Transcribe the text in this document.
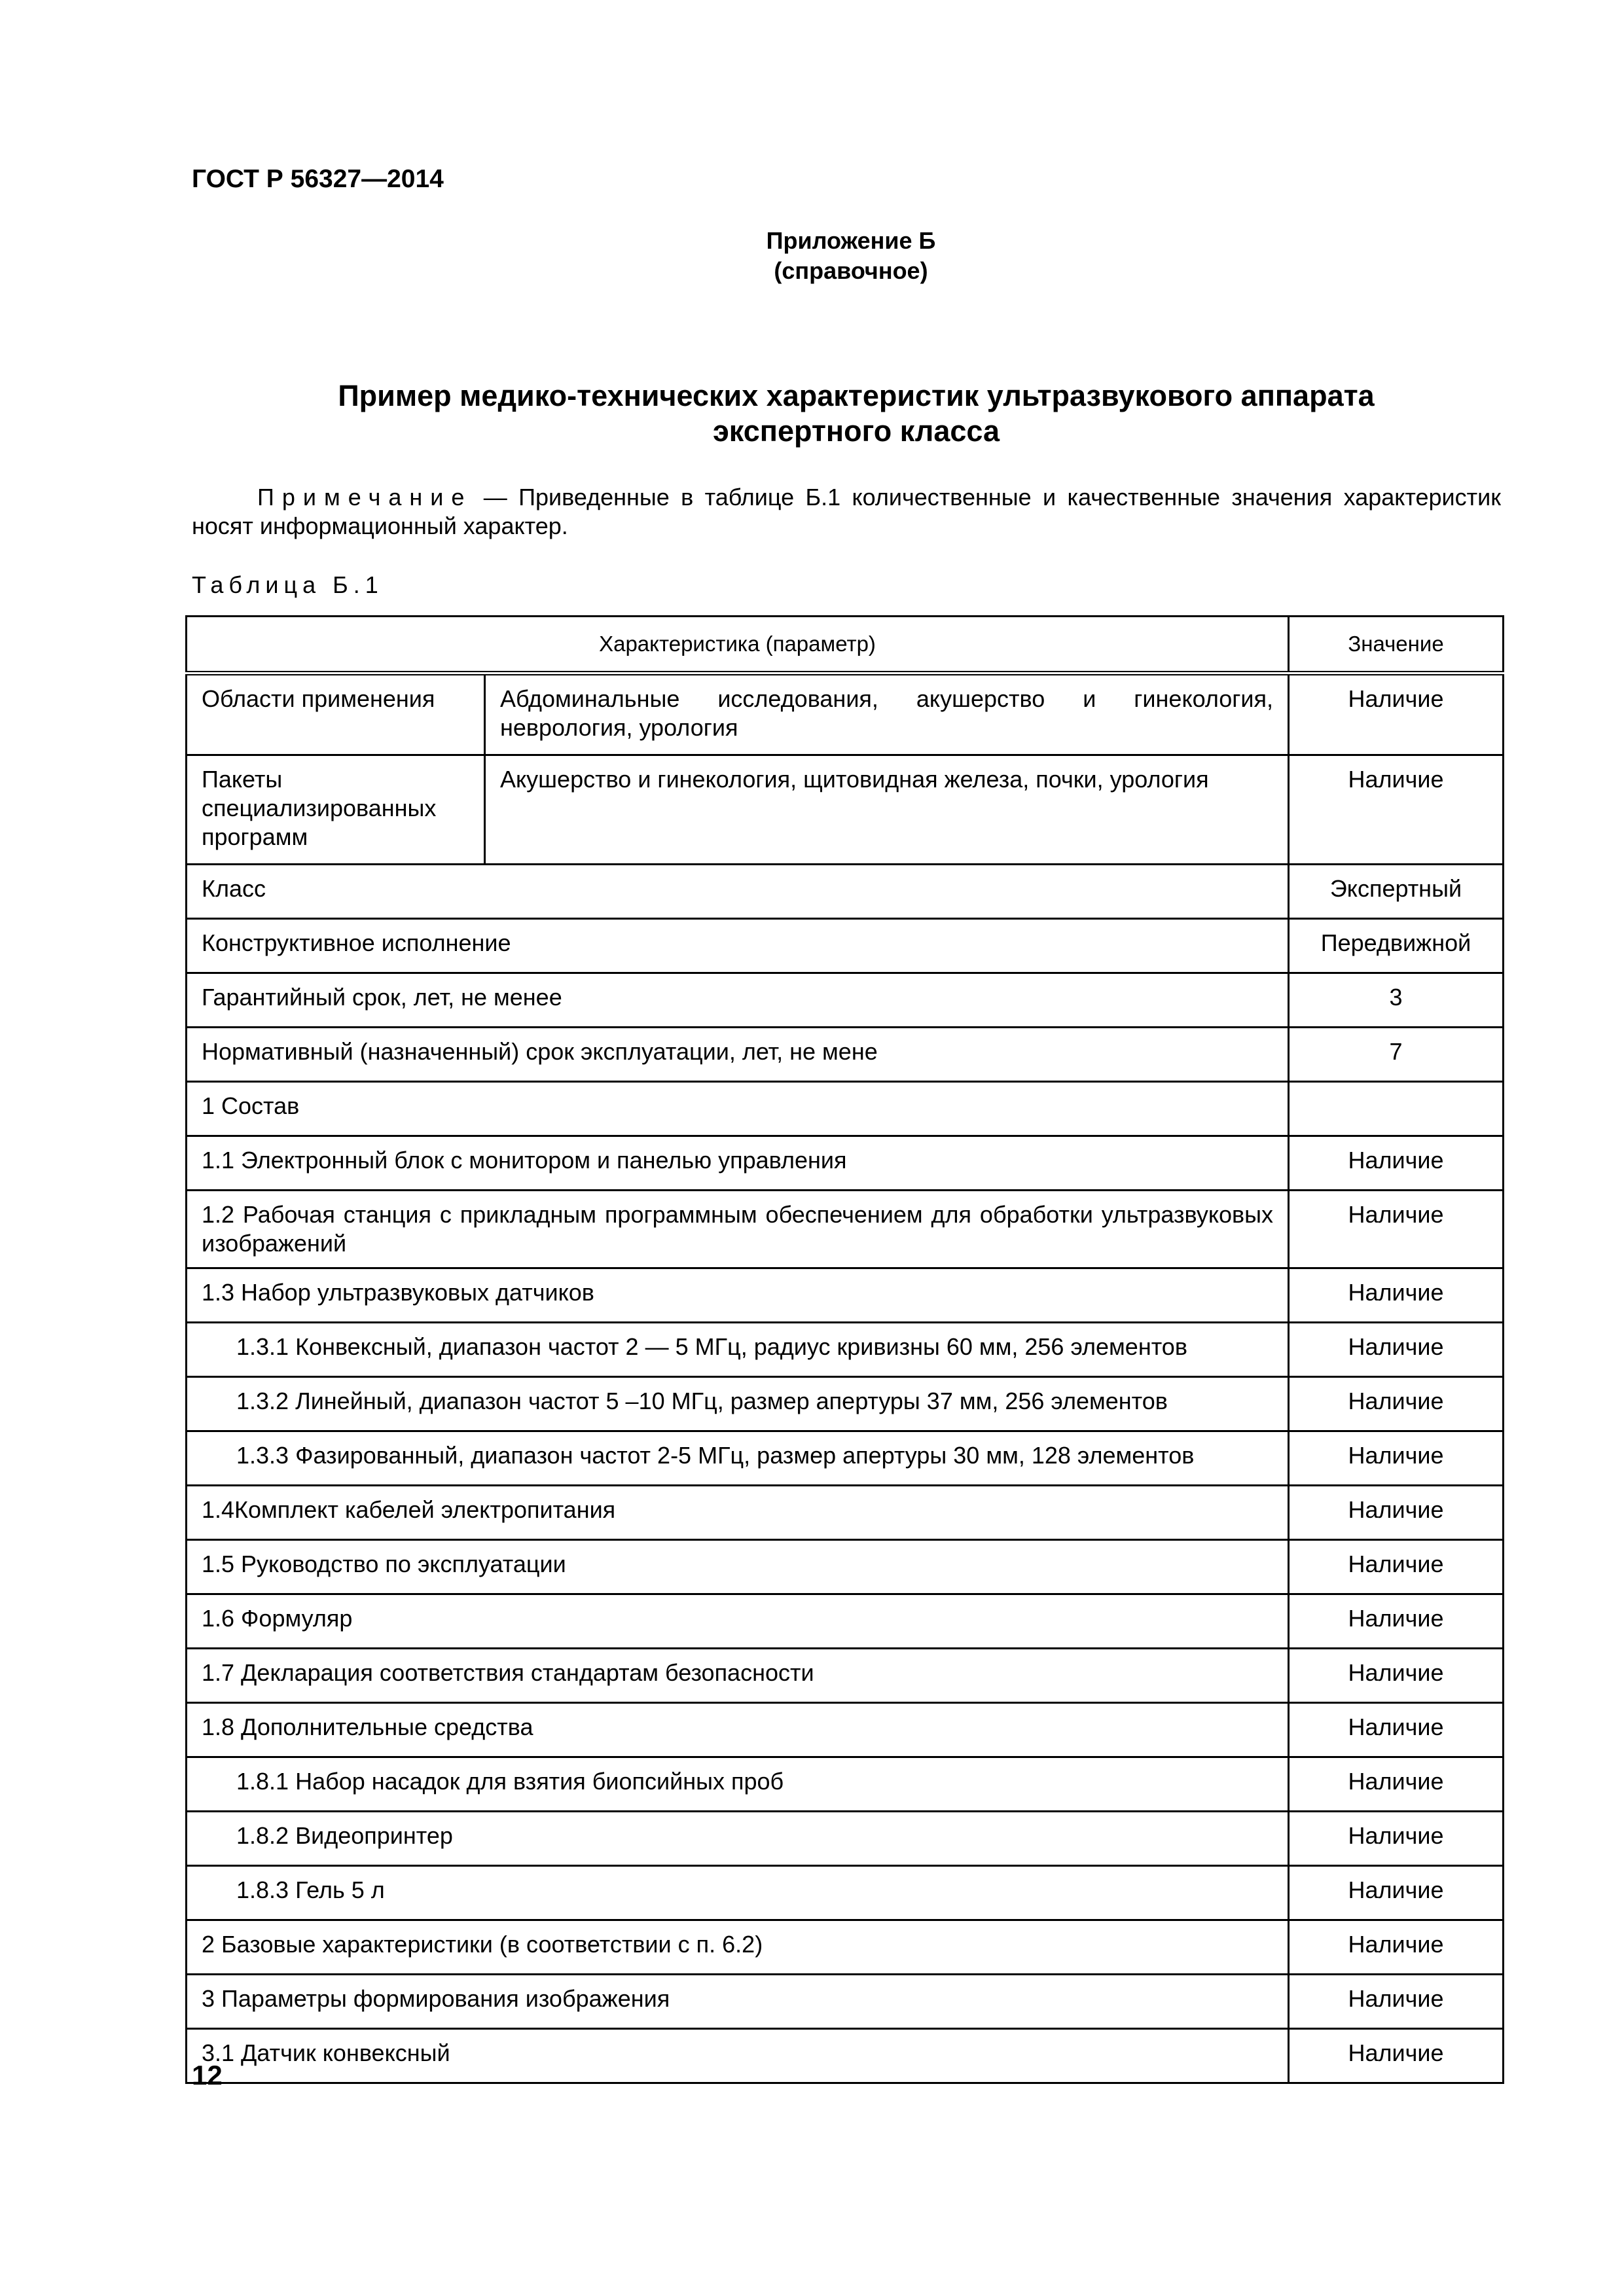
ГОСТ Р 56327—2014
Приложение Б
(справочное)
Пример медико-технических характеристик ультразвукового аппарата
экспертного класса
Примечание — Приведенные в таблице Б.1 количественные и качественные значения характеристик носят информационный характер.
Таблица Б.1
Характеристика (параметр)		Значение
Области применения	Абдоминальные исследования, акушерство и гинекология, неврология, урология	Наличие
Пакеты специализированных программ	Акушерство и гинекология, щитовидная железа, почки, урология	Наличие
Класс		Экспертный
Конструктивное исполнение		Передвижной
Гарантийный срок, лет, не менее		3
Нормативный (назначенный) срок эксплуатации, лет, не мене		7
1 Состав		
1.1 Электронный блок с монитором и панелью управления		Наличие
1.2 Рабочая станция с прикладным программным обеспечением для обработки ультразвуковых изображений		Наличие
1.3 Набор ультразвуковых датчиков		Наличие
1.3.1 Конвексный, диапазон частот 2 — 5 МГц, радиус кривизны 60 мм, 256 элементов		Наличие
1.3.2 Линейный, диапазон частот 5 –10 МГц, размер апертуры 37 мм, 256 элементов		Наличие
1.3.3 Фазированный, диапазон частот 2-5 МГц, размер апертуры 30 мм, 128 элементов		Наличие
1.4Комплект кабелей электропитания		Наличие
1.5 Руководство по эксплуатации		Наличие
1.6 Формуляр		Наличие
1.7 Декларация соответствия стандартам безопасности		Наличие
1.8 Дополнительные средства		Наличие
1.8.1 Набор насадок для взятия биопсийных проб		Наличие
1.8.2 Видеопринтер		Наличие
1.8.3 Гель 5 л		Наличие
2 Базовые характеристики (в соответствии с п. 6.2)		Наличие
3 Параметры формирования изображения		Наличие
3.1 Датчик конвексный		Наличие
12
